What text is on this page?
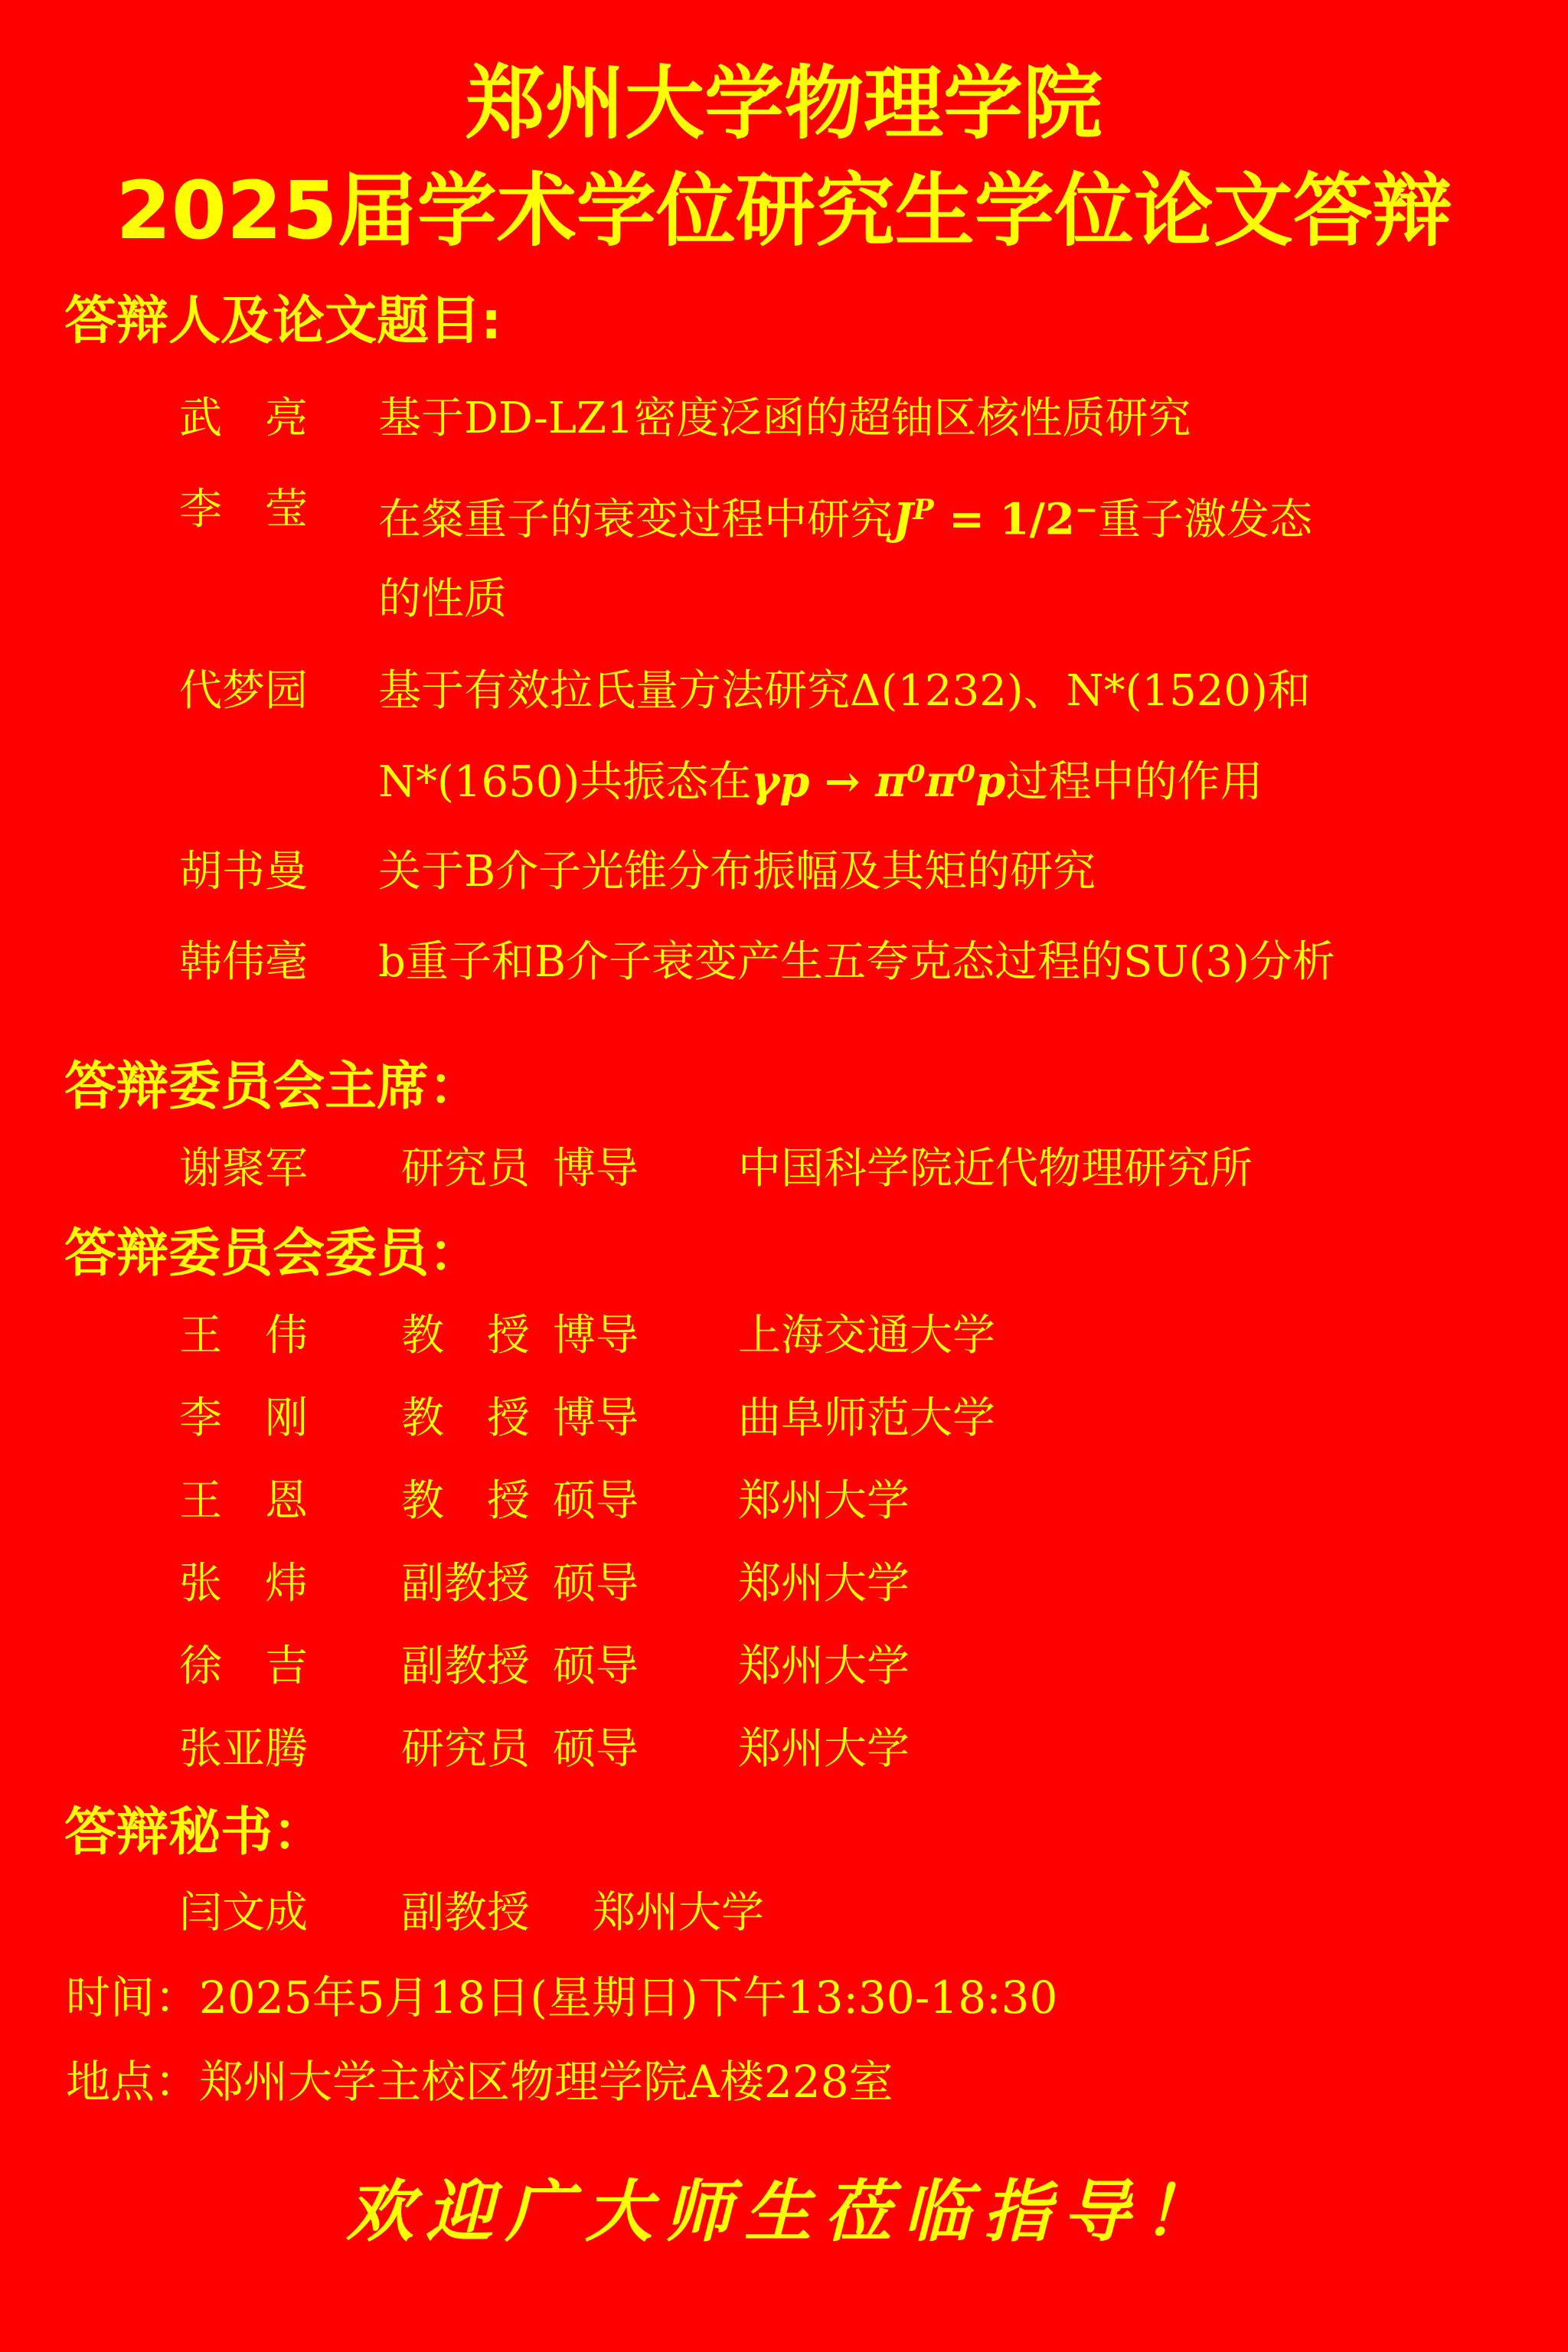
郑州大学物理学院
2025届学术学位研究生学位论文答辩
答辩人及论文题目:
武　亮 基于DD-LZ1密度泛函的超铀区核性质研究
李　莹 在粲重子的衰变过程中研究$J^P = 1/2^-$重子激发态
的性质
代梦园 基于有效拉氏量方法研究Δ(1232)、N*(1520)和
N*(1650)共振态在γp → π⁰π⁰p过程中的作用
胡书曼 关于B介子光锥分布振幅及其矩的研究
韩伟毫 b重子和B介子衰变产生五夸克态过程的SU(3)分析
答辩委员会主席：
谢聚军 研究员 博导 中国科学院近代物理研究所
答辩委员会委员：
王　伟 教　授 博导 上海交通大学
李　刚 教　授 博导 曲阜师范大学
王　恩 教　授 硕导 郑州大学
张　炜 副教授 硕导 郑州大学
徐　吉 副教授 硕导 郑州大学
张亚腾 研究员 硕导 郑州大学
答辩秘书：
闫文成 副教授 郑州大学
时间：2025年5月18日(星期日)下午13:30-18:30
地点：郑州大学主校区物理学院A楼228室
欢迎广大师生莅临指导！
